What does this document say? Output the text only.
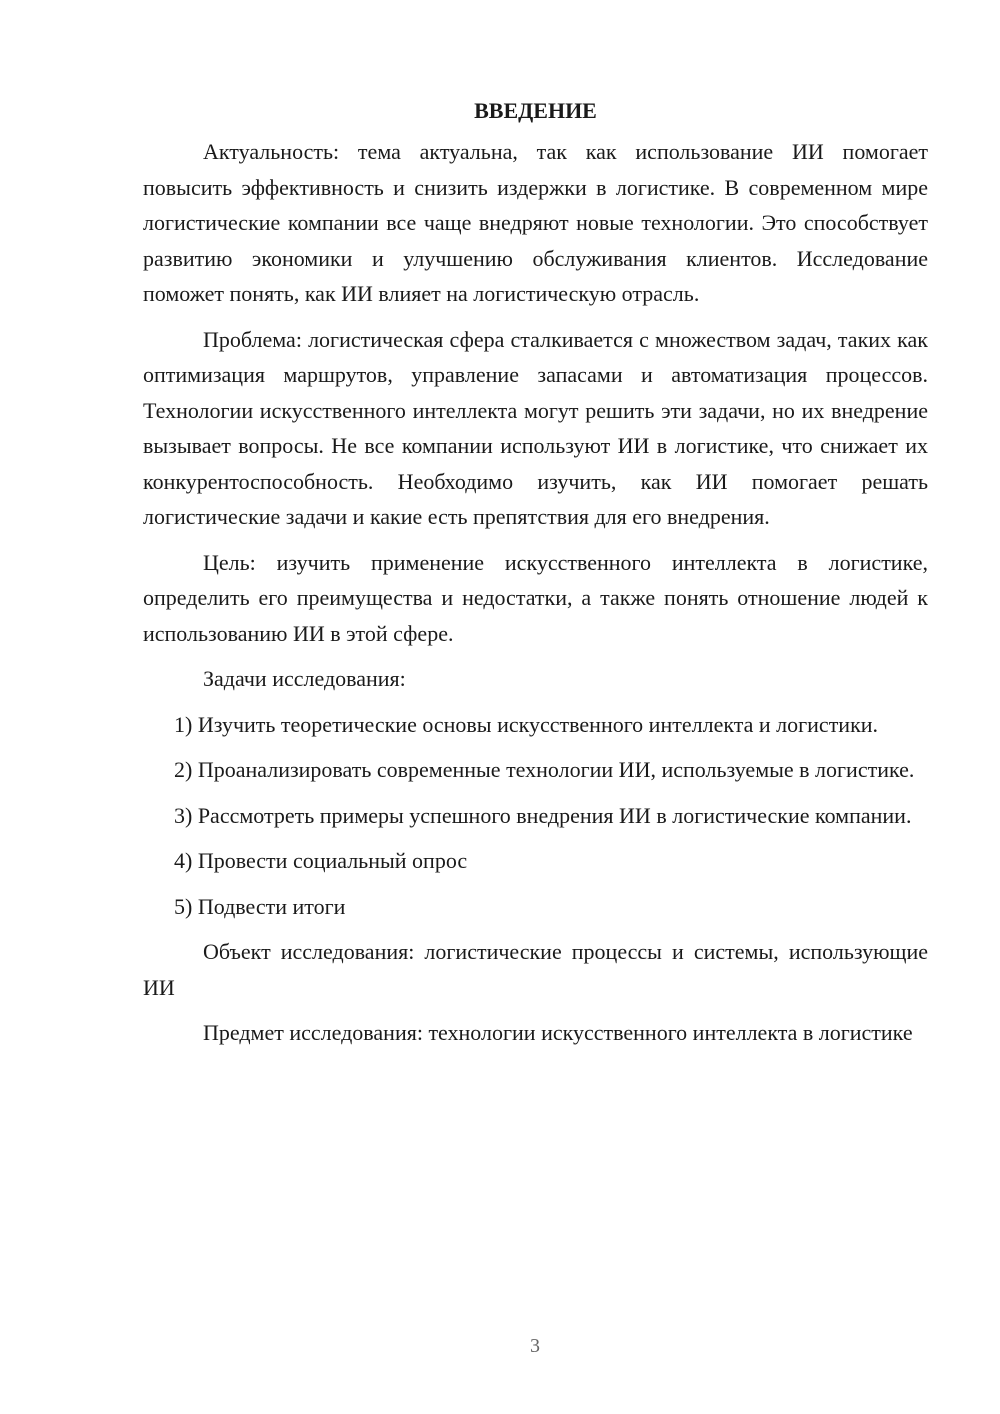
ВВЕДЕНИЕ

Актуальность: тема актуальна, так как использование ИИ помогает повысить эффективность и снизить издержки в логистике. В современном мире логистические компании все чаще внедряют новые технологии. Это способствует развитию экономики и улучшению обслуживания клиентов. Исследование поможет понять, как ИИ влияет на логистическую отрасль.

Проблема: логистическая сфера сталкивается с множеством задач, таких как оптимизация маршрутов, управление запасами и автоматизация процессов. Технологии искусственного интеллекта могут решить эти задачи, но их внедрение вызывает вопросы. Не все компании используют ИИ в логистике, что снижает их конкурентоспособность. Необходимо изучить, как ИИ помогает решать логистические задачи и какие есть препятствия для его внедрения.

Цель: изучить применение искусственного интеллекта в логистике, определить его преимущества и недостатки, а также понять отношение людей к использованию ИИ в этой сфере.

Задачи исследования:

1) Изучить теоретические основы искусственного интеллекта и логистики.

2) Проанализировать современные технологии ИИ, используемые в логистике.

3) Рассмотреть примеры успешного внедрения ИИ в логистические компании.

4) Провести социальный опрос

5) Подвести итоги

Объект исследования: логистические процессы и системы, использующие ИИ

Предмет исследования: технологии искусственного интеллекта в логистике

3
